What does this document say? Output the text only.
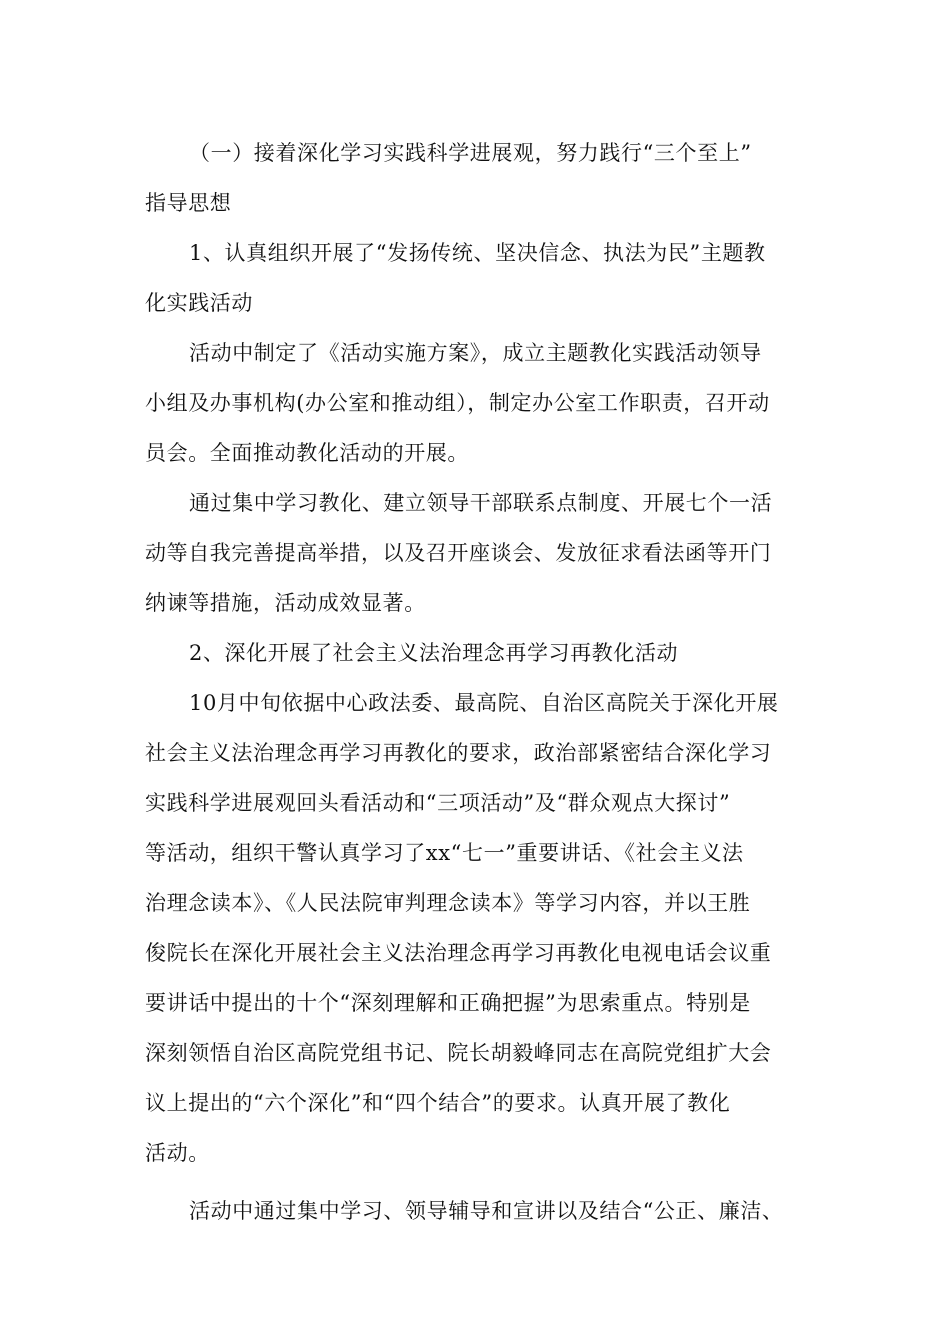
（一）接着深化学习实践科学进展观，努力践行“三个至上”
指导思想
1、认真组织开展了“发扬传统、坚决信念、执法为民”主题教
化实践活动
活动中制定了《活动实施方案》，成立主题教化实践活动领导
小组及办事机构(办公室和推动组），制定办公室工作职责，召开动
员会。全面推动教化活动的开展。
通过集中学习教化、建立领导干部联系点制度、开展七个一活
动等自我完善提高举措，以及召开座谈会、发放征求看法函等开门
纳谏等措施，活动成效显著。
2、深化开展了社会主义法治理念再学习再教化活动
10月中旬依据中心政法委、最高院、自治区高院关于深化开展
社会主义法治理念再学习再教化的要求，政治部紧密结合深化学习
实践科学进展观回头看活动和“三项活动”及“群众观点大探讨”
等活动，组织干警认真学习了xx“七一”重要讲话、《社会主义法
治理念读本》、《人民法院审判理念读本》等学习内容，并以王胜
俊院长在深化开展社会主义法治理念再学习再教化电视电话会议重
要讲话中提出的十个“深刻理解和正确把握”为思索重点。特别是
深刻领悟自治区高院党组书记、院长胡毅峰同志在高院党组扩大会
议上提出的“六个深化”和“四个结合”的要求。认真开展了教化
活动。
活动中通过集中学习、领导辅导和宣讲以及结合“公正、廉洁、
